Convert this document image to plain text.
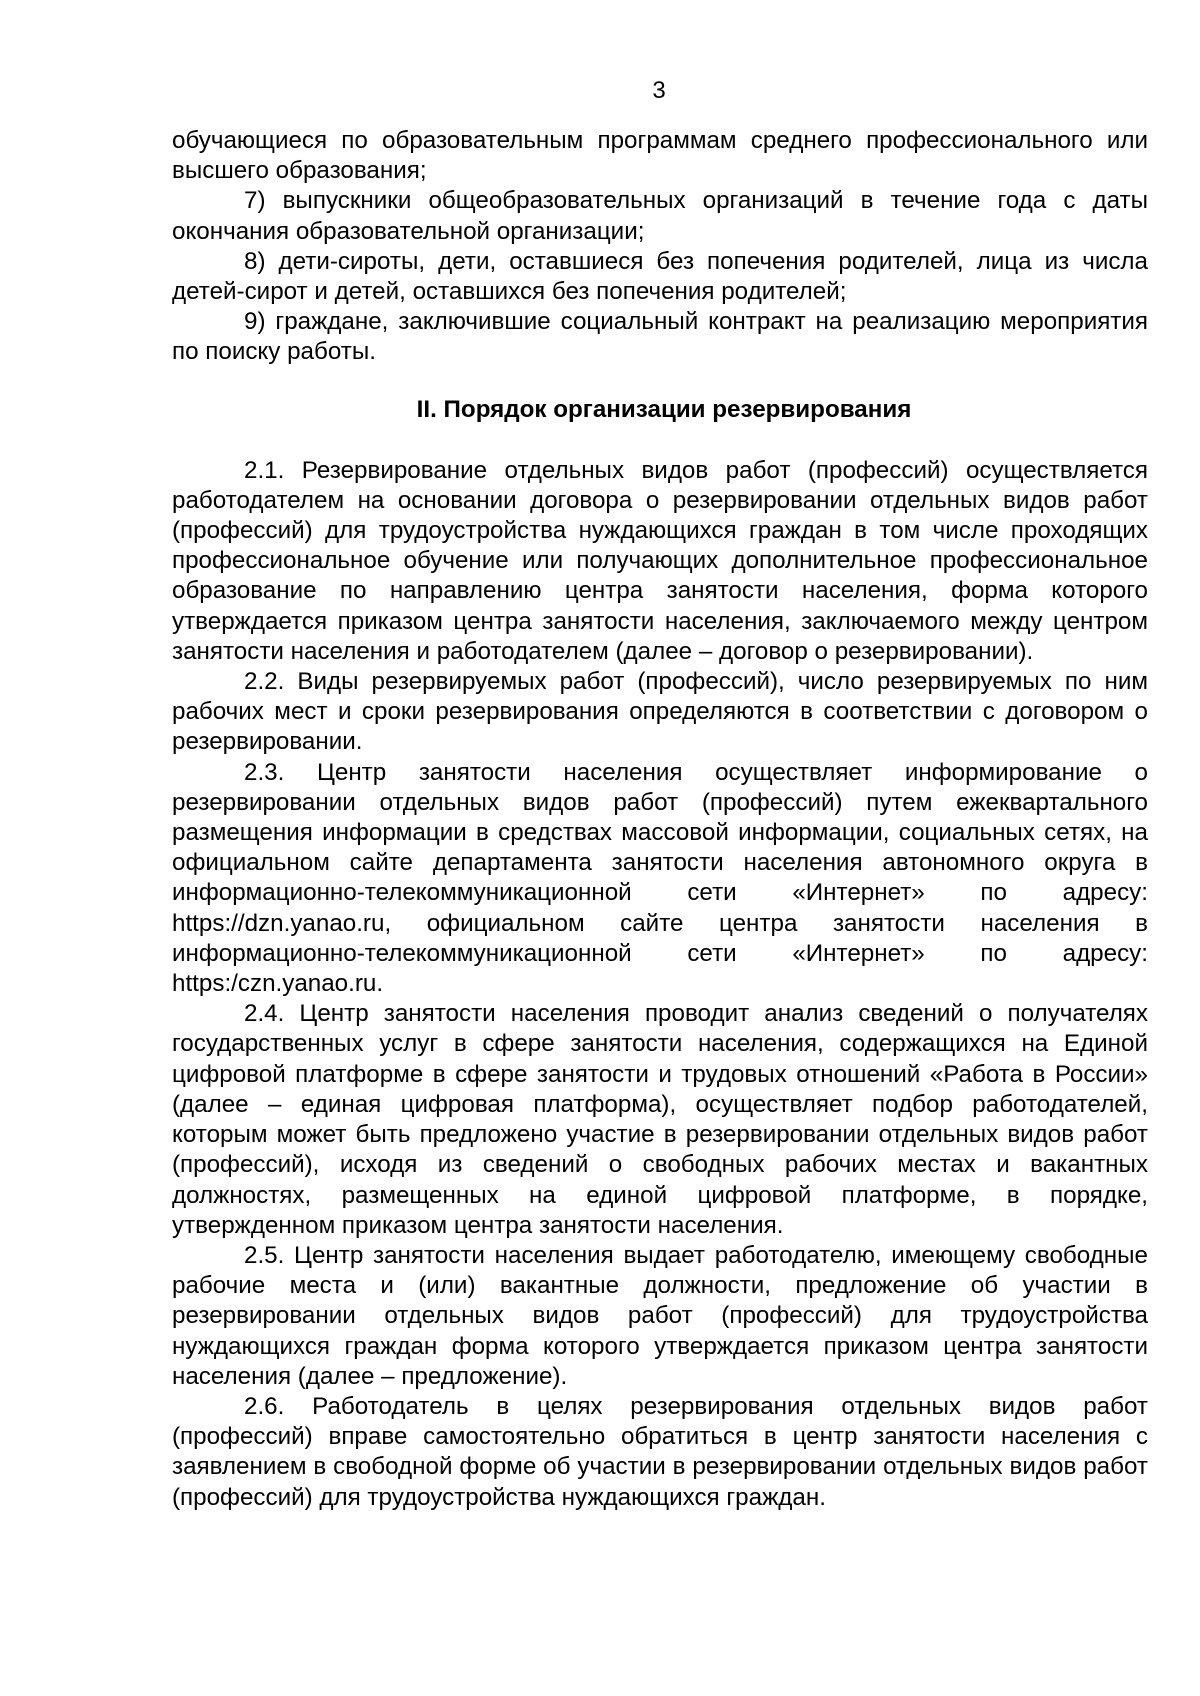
3

обучающиеся по образовательным программам среднего профессионального или высшего образования;

7) выпускники общеобразовательных организаций в течение года с даты окончания образовательной организации;

8) дети-сироты, дети, оставшиеся без попечения родителей, лица из числа детей-сирот и детей, оставшихся без попечения родителей;

9) граждане, заключившие социальный контракт на реализацию мероприятия по поиску работы.

II. Порядок организации резервирования

2.1. Резервирование отдельных видов работ (профессий) осуществляется работодателем на основании договора о резервировании отдельных видов работ (профессий) для трудоустройства нуждающихся граждан в том числе проходящих профессиональное обучение или получающих дополнительное профессиональное образование по направлению центра занятости населения, форма которого утверждается приказом центра занятости населения, заключаемого между центром занятости населения и работодателем (далее – договор о резервировании).

2.2. Виды резервируемых работ (профессий), число резервируемых по ним рабочих мест и сроки резервирования определяются в соответствии с договором о резервировании.

2.3. Центр занятости населения осуществляет информирование о резервировании отдельных видов работ (профессий) путем ежеквартального размещения информации в средствах массовой информации, социальных сетях, на официальном сайте департамента занятости населения автономного округа в информационно-телекоммуникационной сети «Интернет» по адресу: https://dzn.yanao.ru, официальном сайте центра занятости населения в информационно-телекоммуникационной сети «Интернет» по адресу: https:/czn.yanao.ru.

2.4. Центр занятости населения проводит анализ сведений о получателях государственных услуг в сфере занятости населения, содержащихся на Единой цифровой платформе в сфере занятости и трудовых отношений «Работа в России» (далее – единая цифровая платформа), осуществляет подбор работодателей, которым может быть предложено участие в резервировании отдельных видов работ (профессий), исходя из сведений о свободных рабочих местах и вакантных должностях, размещенных на единой цифровой платформе, в порядке, утвержденном приказом центра занятости населения.

2.5. Центр занятости населения выдает работодателю, имеющему свободные рабочие места и (или) вакантные должности, предложение об участии в резервировании отдельных видов работ (профессий) для трудоустройства нуждающихся граждан форма которого утверждается приказом центра занятости населения (далее – предложение).

2.6. Работодатель в целях резервирования отдельных видов работ (профессий) вправе самостоятельно обратиться в центр занятости населения с заявлением в свободной форме об участии в резервировании отдельных видов работ (профессий) для трудоустройства нуждающихся граждан.
